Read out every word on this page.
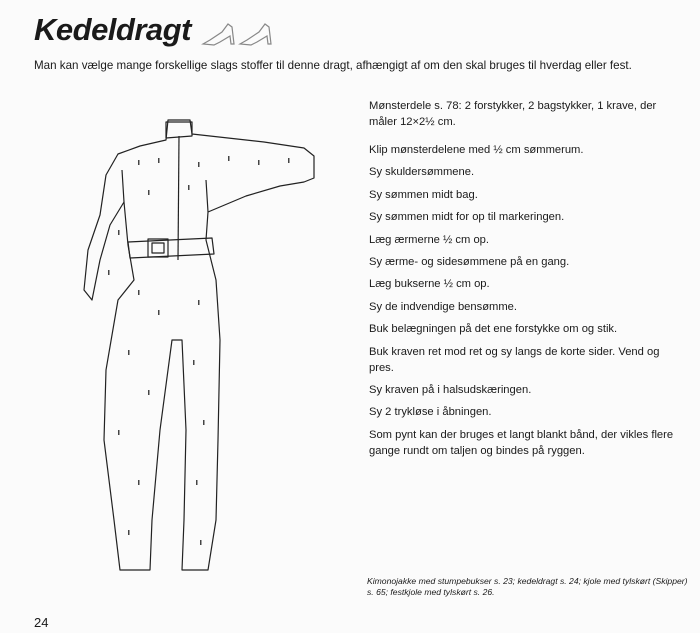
Kedeldragt
Man kan vælge mange forskellige slags stoffer til denne dragt, afhængigt af om den skal bruges til hverdag eller fest.
Mønsterdele s. 78: 2 forstykker, 2 bagstykker, 1 krave, der måler 12×2½ cm.
Klip mønsterdelene med ½ cm sømmerum.
Sy skuldersømmene.
Sy sømmen midt bag.
Sy sømmen midt for op til markeringen.
Læg ærmerne ½ cm op.
Sy ærme- og sidesømmene på en gang.
Læg bukserne ½ cm op.
Sy de indvendige bensømme.
Buk belægningen på det ene forstykke om og stik.
Buk kraven ret mod ret og sy langs de korte sider. Vend og pres.
Sy kraven på i halsudskæringen.
Sy 2 trykløse i åbningen.
Som pynt kan der bruges et langt blankt bånd, der vikles flere gange rundt om taljen og bindes på ryggen.
Kimonojakke med stumpebukser s. 23; kedeldragt s. 24; kjole med tylskørt (Skipper) s. 65; festkjole med tylskørt s. 26.
24
